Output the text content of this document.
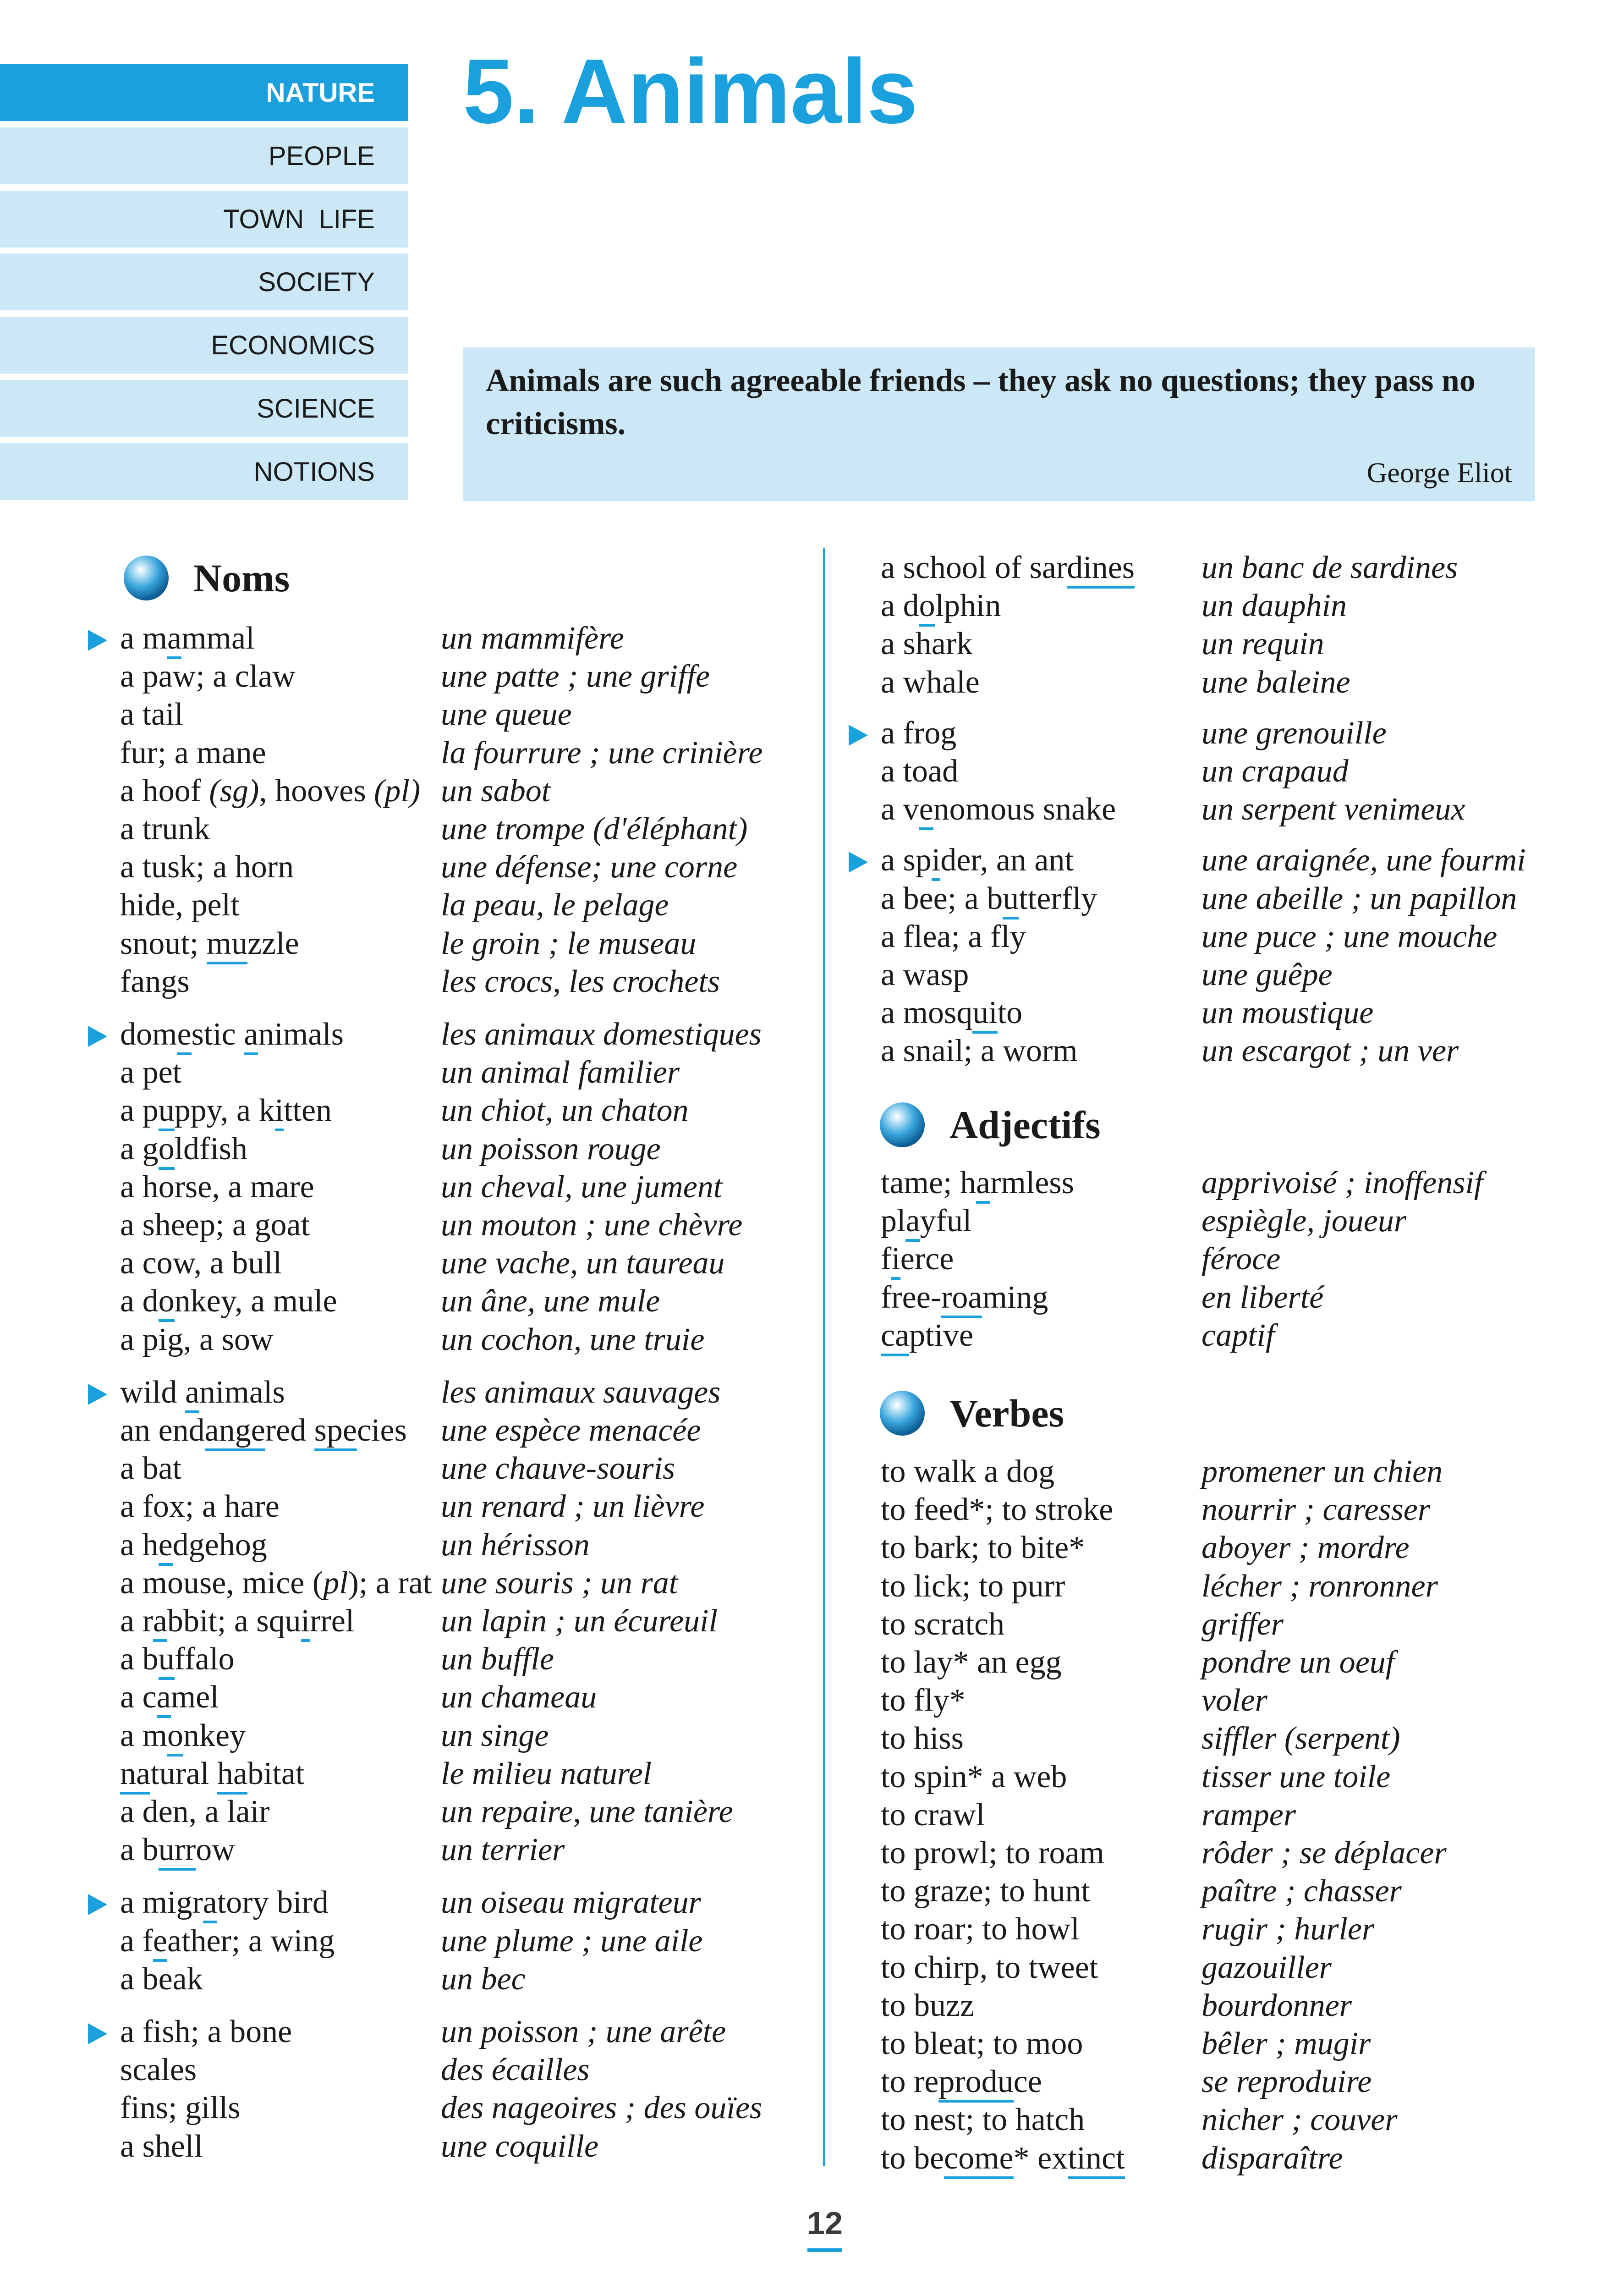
NATURE
PEOPLE
TOWN  LIFE
SOCIETY
ECONOMICS
SCIENCE
NOTIONS
5. Animals
Animals are such agreeable friends – they ask no questions; they pass no criticisms.
George Eliot
Noms
Adjectifs
Verbes
a mammal	un mammifère
a paw; a claw	une patte ; une griffe
a tail	une queue
fur; a mane	la fourrure ; une crinière
a hoof (sg), hooves (pl) un sabot
a trunk	une trompe (d'éléphant)
a tusk; a horn	une défense; une corne
hide, pelt	la peau, le pelage
snout; muzzle	le groin ; le museau
fangs	les crocs, les crochets
domestic animals	les animaux domestiques
a pet	un animal familier
a puppy, a kitten	un chiot, un chaton
a goldfish	un poisson rouge
a horse, a mare	un cheval, une jument
a sheep; a goat	un mouton ; une chèvre
a cow, a bull	une vache, un taureau
a donkey, a mule	un âne, une mule
a pig, a sow	un cochon, une truie
wild animals	les animaux sauvages
an endangered species une espèce menacée
a bat	une chauve-souris
a fox; a hare	un renard ; un lièvre
a hedgehog	un hérisson
a mouse, mice (pl); a rat une souris ; un rat
a rabbit; a squirrel	un lapin ; un écureuil
a buffalo	un buffle
a camel	un chameau
a monkey	un singe
natural habitat	le milieu naturel
a den, a lair	un repaire, une tanière
a burrow	un terrier
a migratory bird	un oiseau migrateur
a feather; a wing	une plume ; une aile
a beak	un bec
a fish; a bone	un poisson ; une arête
scales	des écailles
fins; gills	des nageoires ; des ouïes
a shell	une coquille
a school of sardines un banc de sardines
a dolphin	un dauphin
a shark	un requin
a whale	une baleine
a frog	une grenouille
a toad	un crapaud
a venomous snake	un serpent venimeux
a spider, an ant	une araignée, une fourmi
a bee; a butterfly	une abeille ; un papillon
a flea; a fly	une puce ; une mouche
a wasp	une guêpe
a mosquito	un moustique
a snail; a worm	un escargot ; un ver
tame; harmless	apprivoisé ; inoffensif
playful	espiègle, joueur
fierce	féroce
free-roaming	en liberté
captive	captif
to walk a dog	promener un chien
to feed*; to stroke	nourrir ; caresser
to bark; to bite*	aboyer ; mordre
to lick; to purr	lécher ; ronronner
to scratch	griffer
to lay* an egg	pondre un oeuf
to fly*	voler
to hiss	siffler (serpent)
to spin* a web	tisser une toile
to crawl	ramper
to prowl; to roam	rôder ; se déplacer
to graze; to hunt	paître ; chasser
to roar; to howl	rugir ; hurler
to chirp, to tweet	gazouiller
to buzz	bourdonner
to bleat; to moo	bêler ; mugir
to reproduce	se reproduire
to nest; to hatch	nicher ; couver
to become* extinct disparaître
12
